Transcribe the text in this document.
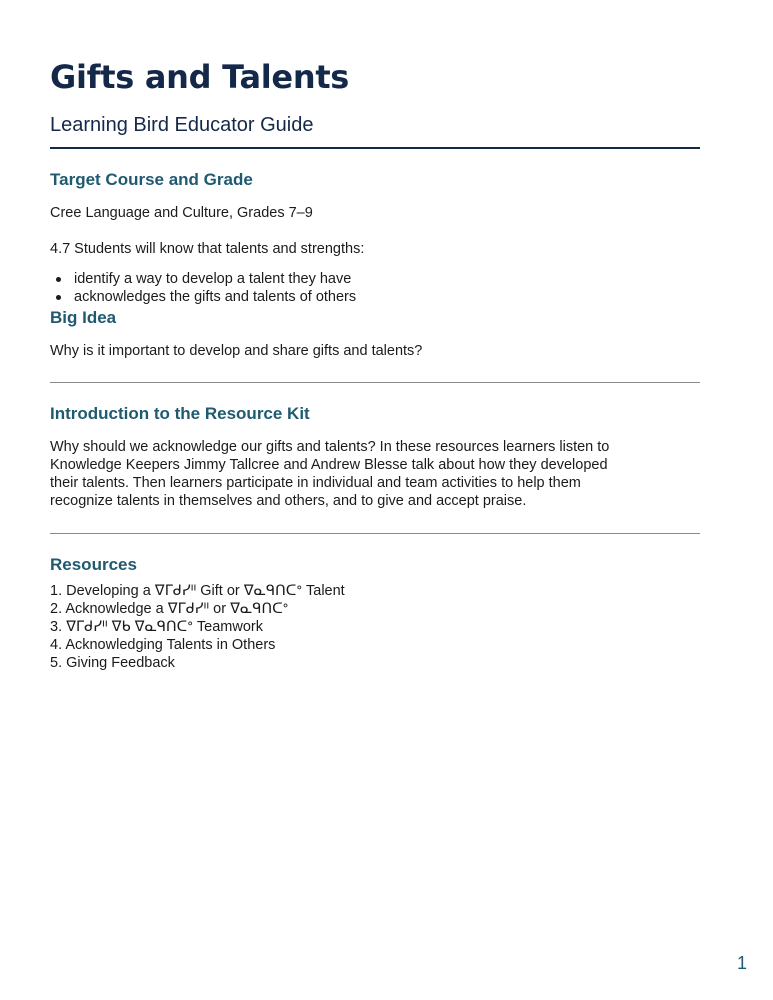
Gifts and Talents
Learning Bird Educator Guide
Target Course and Grade

Cree Language and Culture, Grades 7–9

4.7 Students will know that talents and strengths:

identify a way to develop a talent they have
acknowledges the gifts and talents of others
Big Idea

Why is it important to develop and share gifts and talents?

Introduction to the Resource Kit
Why should we acknowledge our gifts and talents? In these resources learners listen to
Knowledge Keepers Jimmy Tallcree and Andrew Blesse talk about how they developed
their talents. Then learners participate in individual and team activities to help them
recognize talents in themselves and others, and to give and accept praise.
Resources
1. Developing a ᐁᒥᑯᓯᐦ Gift or ᐁᓇᑫᑎᑕᐤ Talent
2. Acknowledge a ᐁᒥᑯᓯᐦ or ᐁᓇᑫᑎᑕᐤ
3. ᐁᒥᑯᓯᐦ ᐁᑲ ᐁᓇᑫᑎᑕᐤ Teamwork
4. Acknowledging Talents in Others
5. Giving Feedback
1
